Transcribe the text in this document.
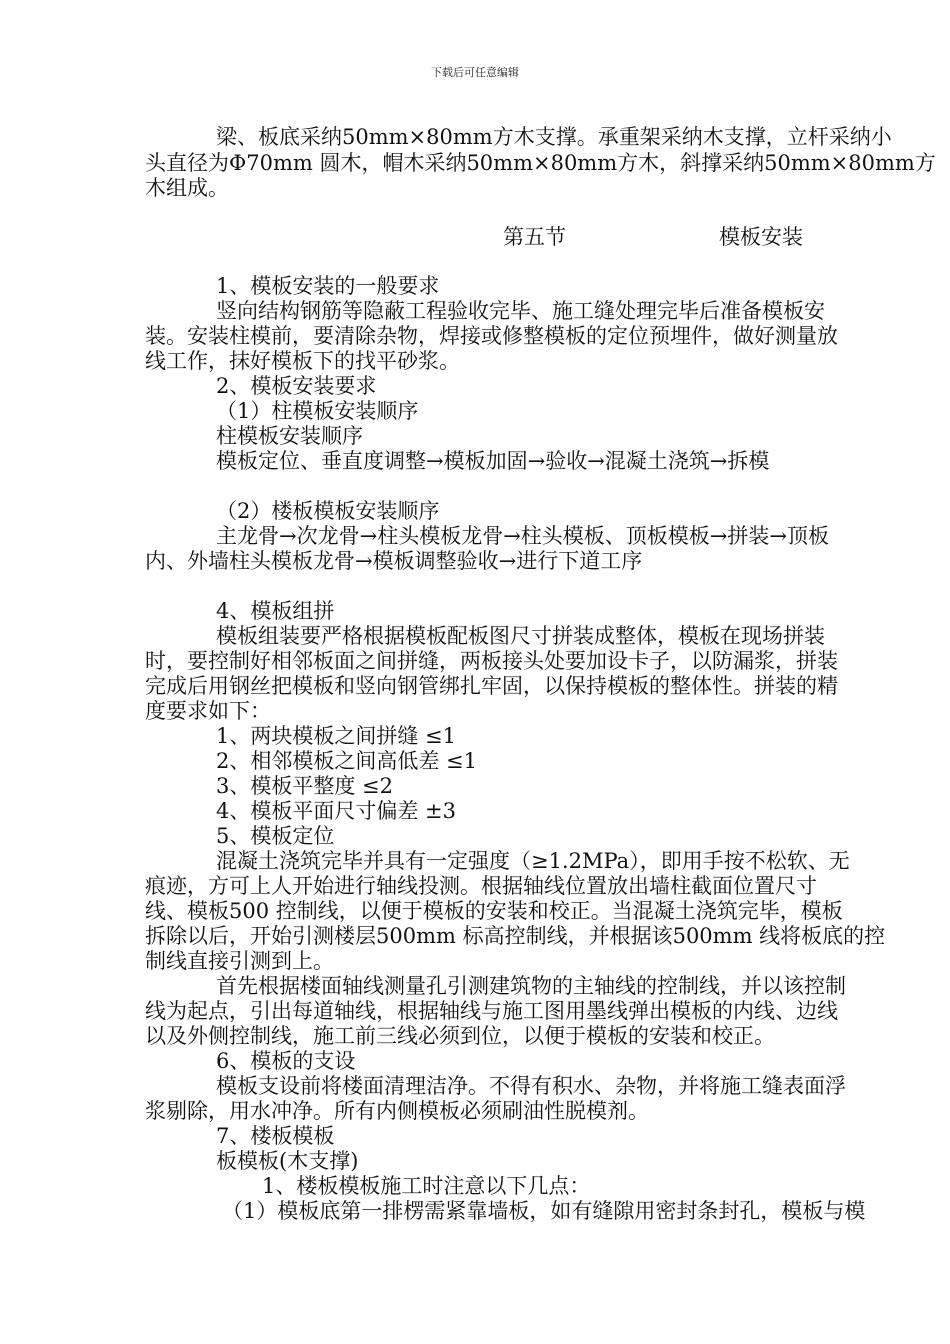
下载后可任意编辑
梁、板底采纳50mm×80mm方木支撑。承重架采纳木支撑，立杆采纳小
头直径为Φ70mm 圆木，帽木采纳50mm×80mm方木，斜撑采纳50mm×80mm方
木组成。
第五节	模板安装
1、模板安装的一般要求
竖向结构钢筋等隐蔽工程验收完毕、施工缝处理完毕后准备模板安
装。安装柱模前，要清除杂物，焊接或修整模板的定位预埋件，做好测量放
线工作，抹好模板下的找平砂浆。
2、模板安装要求
（1）柱模板安装顺序
柱模板安装顺序
模板定位、垂直度调整→模板加固→验收→混凝土浇筑→拆模
（2）楼板模板安装顺序
主龙骨→次龙骨→柱头模板龙骨→柱头模板、顶板模板→拼装→顶板
内、外墙柱头模板龙骨→模板调整验收→进行下道工序
4、模板组拼
模板组装要严格根据模板配板图尺寸拼装成整体，模板在现场拼装
时，要控制好相邻板面之间拼缝，两板接头处要加设卡子，以防漏浆，拼装
完成后用钢丝把模板和竖向钢管绑扎牢固，以保持模板的整体性。拼装的精
度要求如下：
1、两块模板之间拼缝 ≤1
2、相邻模板之间高低差 ≤1
3、模板平整度 ≤2
4、模板平面尺寸偏差 ±3
5、模板定位
混凝土浇筑完毕并具有一定强度（≥1.2MPa），即用手按不松软、无
痕迹，方可上人开始进行轴线投测。根据轴线位置放出墙柱截面位置尺寸
线、模板500 控制线，以便于模板的安装和校正。当混凝土浇筑完毕，模板
拆除以后，开始引测楼层500mm 标高控制线，并根据该500mm 线将板底的控
制线直接引测到上。
首先根据楼面轴线测量孔引测建筑物的主轴线的控制线，并以该控制
线为起点，引出每道轴线，根据轴线与施工图用墨线弹出模板的内线、边线
以及外侧控制线，施工前三线必须到位，以便于模板的安装和校正。
6、模板的支设
模板支设前将楼面清理洁净。不得有积水、杂物，并将施工缝表面浮
浆剔除，用水冲净。所有内侧模板必须刷油性脱模剂。
7、楼板模板
板模板(木支撑)
1、楼板模板施工时注意以下几点：
（1）模板底第一排楞需紧靠墙板，如有缝隙用密封条封孔，模板与模
